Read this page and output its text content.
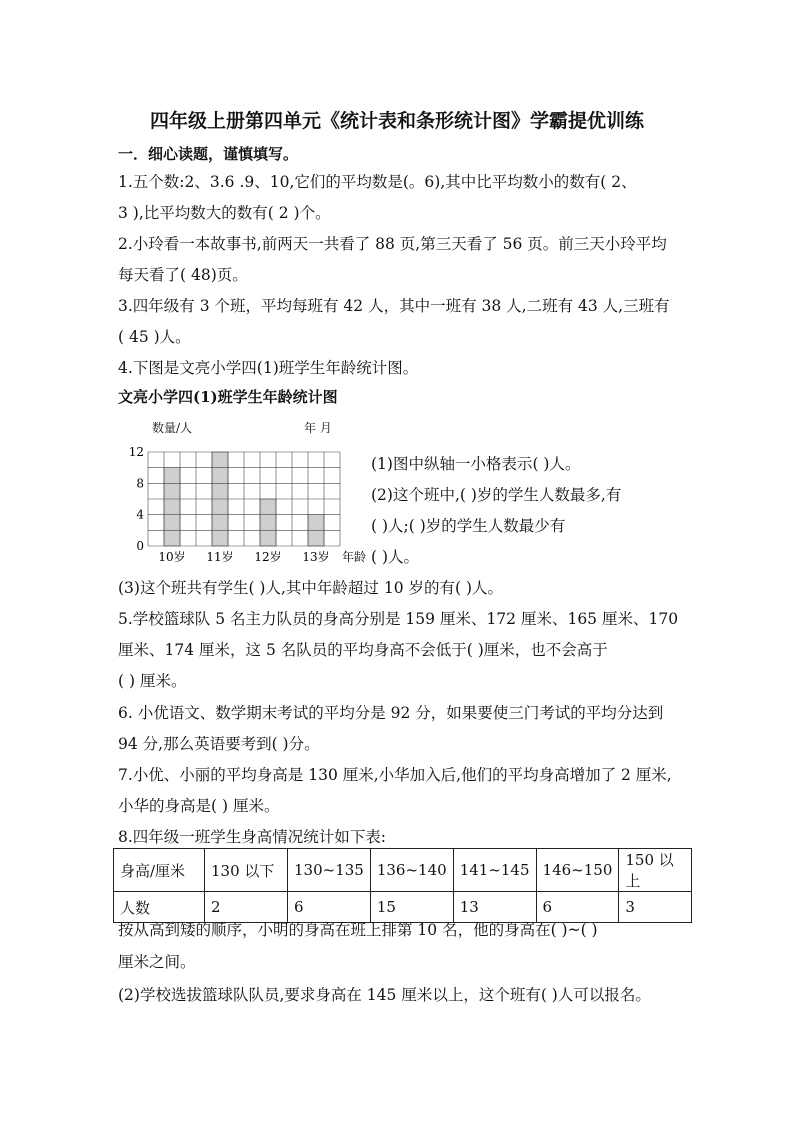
四年级上册第四单元《统计表和条形统计图》学霸提优训练
一．细心读题，谨慎填写。
1.五个数:2、3.6 .9、10,它们的平均数是(。6),其中比平均数小的数有( 2、
3 ),比平均数大的数有( 2 )个。
2.小玲看一本故事书,前两天一共看了 88 页,第三天看了 56 页。前三天小玲平均
每天看了( 48)页。
3.四年级有 3 个班，平均每班有 42 人，其中一班有 38 人,二班有 43 人,三班有
( 45 )人。
4.下图是文亮小学四(1)班学生年龄统计图。
文亮小学四(1)班学生年龄统计图
数量/人	年 月
0
4
8
12
10岁 11岁 12岁 13岁 年龄
(1)图中纵轴一小格表示( )人。
(2)这个班中,( )岁的学生人数最多,有
( )人;( )岁的学生人数最少有
( )人。
(3)这个班共有学生( )人,其中年龄超过 10 岁的有( )人。
5.学校篮球队 5 名主力队员的身高分别是 159 厘米、172 厘米、165 厘米、170
厘米、174 厘米，这 5 名队员的平均身高不会低于( )厘米，也不会高于
( ) 厘米。
6. 小优语文、数学期末考试的平均分是 92 分，如果要使三门考试的平均分达到
94 分,那么英语要考到( )分。
7.小优、小丽的平均身高是 130 厘米,小华加入后,他们的平均身高增加了 2 厘米,
小华的身高是( ) 厘米。
8.四年级一班学生身高情况统计如下表:
身高/厘米	130 以下	130~135	136~140	141~145	146~150	150 以上
人数	2	6	15	13	6	3
按从高到矮的顺序，小明的身高在班上排第 10 名，他的身高在( )~( )
厘米之间。
(2)学校选拔篮球队队员,要求身高在 145 厘米以上，这个班有( )人可以报名。
